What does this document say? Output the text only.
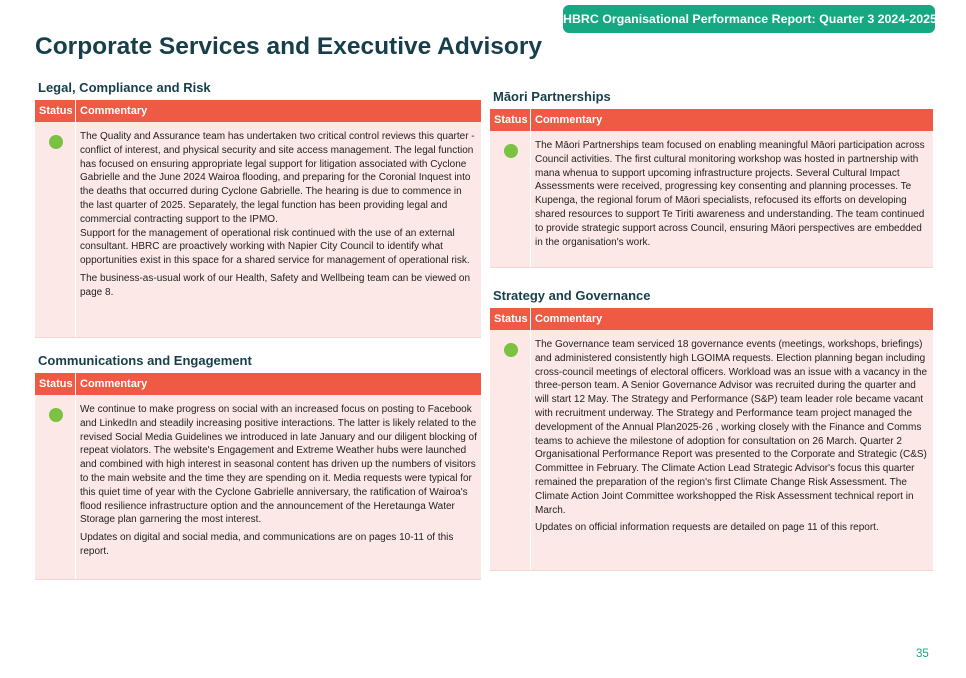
HBRC Organisational Performance Report: Quarter 3 2024-2025
Corporate Services and Executive Advisory
Legal, Compliance and Risk
Status Commentary

The Quality and Assurance team has undertaken two critical control reviews this quarter - conflict of interest, and physical security and site access management. The legal function has focused on ensuring appropriate legal support for litigation associated with Cyclone Gabrielle and the June 2024 Wairoa flooding, and preparing for the Coronial Inquest into the deaths that occurred during Cyclone Gabrielle. The hearing is due to commence in the last quarter of 2025. Separately, the legal function has been providing legal and commercial contracting support to the IPMO.
Support for the management of operational risk continued with the use of an external consultant. HBRC are proactively working with Napier City Council to identify what opportunities exist in this space for a shared service for management of operational risk.

The business-as-usual work of our Health, Safety and Wellbeing team can be viewed on page 8.

Communications and Engagement
Status Commentary

We continue to make progress on social with an increased focus on posting to Facebook and LinkedIn and steadily increasing positive interactions. The latter is likely related to the revised Social Media Guidelines we introduced in late January and our diligent blocking of repeat violators. The website's Engagement and Extreme Weather hubs were launched and combined with high interest in seasonal content has driven up the numbers of visitors to the main website and the time they are spending on it. Media requests were typical for this quiet time of year with the Cyclone Gabrielle anniversary, the ratification of Wairoa's flood resilience infrastructure option and the announcement of the Heretaunga Water Storage plan garnering the most interest.

Updates on digital and social media, and communications are on pages 10-11 of this report.

Māori Partnerships
Status Commentary

The Māori Partnerships team focused on enabling meaningful Māori participation across Council activities. The first cultural monitoring workshop was hosted in partnership with mana whenua to support upcoming infrastructure projects. Several Cultural Impact Assessments were received, progressing key consenting and planning processes. Te Kupenga, the regional forum of Māori specialists, refocused its efforts on developing shared resources to support Te Tiriti awareness and understanding. The team continued to provide strategic support across Council, ensuring Māori perspectives are embedded in the organisation's work.

Strategy and Governance
Status Commentary

The Governance team serviced 18 governance events (meetings, workshops, briefings) and administered consistently high LGOIMA requests. Election planning began including cross-council meetings of electoral officers. Workload was an issue with a vacancy in the three-person team. A Senior Governance Advisor was recruited during the quarter and will start 12 May. The Strategy and Performance (S&P) team leader role became vacant with recruitment underway. The Strategy and Performance team project managed the development of the Annual Plan2025-26 , working closely with the Finance and Comms teams to achieve the milestone of adoption for consultation on 26 March. Quarter 2 Organisational Performance Report was presented to the Corporate and Strategic (C&S) Committee in February. The Climate Action Lead Strategic Advisor's focus this quarter remained the preparation of the region's first Climate Change Risk Assessment. The Climate Action Joint Committee workshopped the Risk Assessment technical report in March.

Updates on official information requests are detailed on page 11 of this report.

35
